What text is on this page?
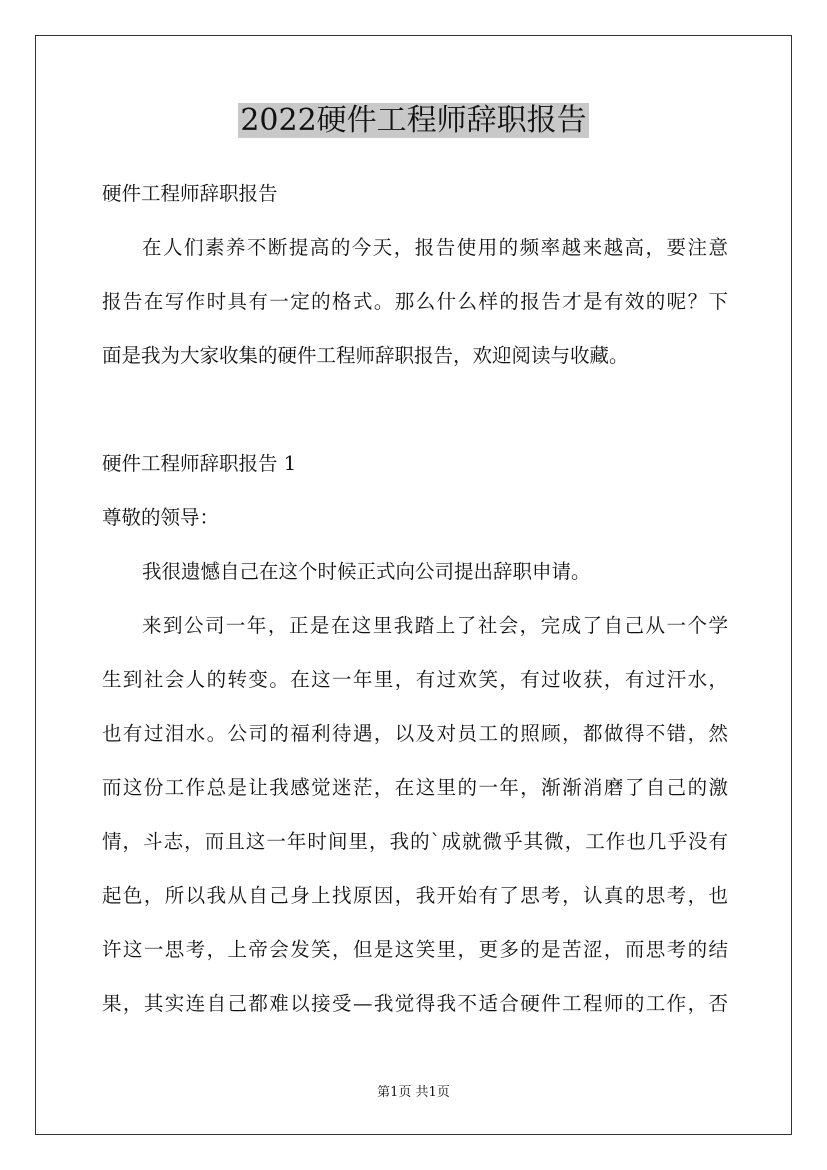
2022硬件工程师辞职报告
硬件工程师辞职报告
在人们素养不断提高的今天，报告使用的频率越来越高，要注意
报告在写作时具有一定的格式。那么什么样的报告才是有效的呢？下
面是我为大家收集的硬件工程师辞职报告，欢迎阅读与收藏。
硬件工程师辞职报告 1
尊敬的领导：
我很遗憾自己在这个时候正式向公司提出辞职申请。
来到公司一年，正是在这里我踏上了社会，完成了自己从一个学
生到社会人的转变。在这一年里，有过欢笑，有过收获，有过汗水，
也有过泪水。公司的福利待遇，以及对员工的照顾，都做得不错，然
而这份工作总是让我感觉迷茫，在这里的一年，渐渐消磨了自己的激
情，斗志，而且这一年时间里，我的`成就微乎其微，工作也几乎没有
起色，所以我从自己身上找原因，我开始有了思考，认真的思考，也
许这一思考，上帝会发笑，但是这笑里，更多的是苦涩，而思考的结
果，其实连自己都难以接受—我觉得我不适合硬件工程师的工作，否
第1页 共1页
